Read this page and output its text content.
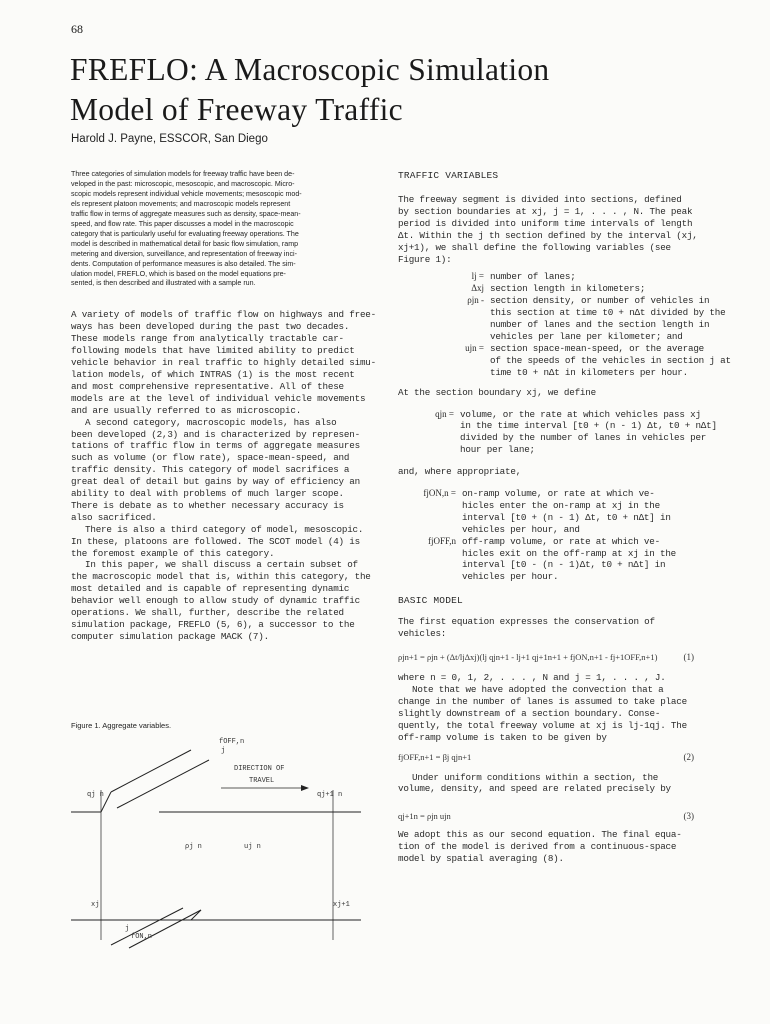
68
FREFLO: A Macroscopic Simulation
Model of Freeway Traffic
Harold J. Payne, ESSCOR, San Diego

Three categories of simulation models for freeway traffic have been de-
veloped in the past: microscopic, mesoscopic, and macroscopic. Micro-
scopic models represent individual vehicle movements; mesoscopic mod-
els represent platoon movements; and macroscopic models represent
traffic flow in terms of aggregate measures such as density, space-mean-
speed, and flow rate. This paper discusses a model in the macroscopic
category that is particularly useful for evaluating freeway operations. The
model is described in mathematical detail for basic flow simulation, ramp
metering and diversion, surveillance, and representation of freeway inci-
dents. Computation of performance measures is also detailed. The sim-
ulation model, FREFLO, which is based on the model equations pre-
sented, is then described and illustrated with a sample run.

A variety of models of traffic flow on highways and free-
ways has been developed during the past two decades.
These models range from analytically tractable car-
following models that have limited ability to predict
vehicle behavior in real traffic to highly detailed simu-
lation models, of which INTRAS (1) is the most recent
and most comprehensive representative. All of these
models are at the level of individual vehicle movements
and are usually referred to as microscopic.
A second category, macroscopic models, has also
been developed (2,3) and is characterized by represen-
tations of traffic flow in terms of aggregate measures
such as volume (or flow rate), space-mean-speed, and
traffic density. This category of model sacrifices a
great deal of detail but gains by way of efficiency an
ability to deal with problems of much larger scope.
There is debate as to whether necessary accuracy is
also sacrificed.
There is also a third category of model, mesoscopic.
In these, platoons are followed. The SCOT model (4) is
the foremost example of this category.
In this paper, we shall discuss a certain subset of
the macroscopic model that is, within this category, the
most detailed and is capable of representing dynamic
behavior well enough to allow study of dynamic traffic
operations. We shall, further, describe the related
simulation package, FREFLO (5, 6), a successor to the
computer simulation package MACK (7).
Figure 1. Aggregate variables.
fOFF,n
j
DIRECTION OF
TRAVEL
qj n	qj+1 n
ρj n	uj n
xj	xj+1
fON,n
j

TRAFFIC VARIABLES

The freeway segment is divided into sections, defined
by section boundaries at xj, j = 1, . . . , N. The peak
period is divided into uniform time intervals of length
Δt. Within the j th section defined by the interval (xj,
xj+1), we shall define the following variables (see
Figure 1):
lj = number of lanes;
Δxj section length in kilometers;
ρjn - section density, or number of vehicles in
this section at time t0 + nΔt divided by the
number of lanes and the section length in
vehicles per lane per kilometer; and
ujn = section space-mean-speed, or the average
of the speeds of the vehicles in section j at
time t0 + nΔt in kilometers per hour.
At the section boundary xj, we define
qjn = volume, or the rate at which vehicles pass xj
in the time interval [t0 + (n - 1) Δt, t0 + nΔt]
divided by the number of lanes in vehicles per
hour per lane;
and, where appropriate,
fjON,n = on-ramp volume, or rate at which ve-
hicles enter the on-ramp at xj in the
interval [t0 + (n - 1) Δt, t0 + nΔt] in
vehicles per hour, and
fjOFF,n off-ramp volume, or rate at which ve-
hicles exit on the off-ramp at xj in the
interval [t0 - (n - 1)Δt, t0 + nΔt] in
vehicles per hour.

BASIC MODEL

The first equation expresses the conservation of
vehicles:
ρjn+1 = ρjn + (Δt/ljΔxj)(lj qjn+1 - lj+1 qj+1n+1 + fjON,n+1 - fj+1OFF,n+1)	(1)
where n = 0, 1, 2, . . . , N and j = 1, . . . , J.
Note that we have adopted the convection that a
change in the number of lanes is assumed to take place
slightly downstream of a section boundary. Conse-
quently, the total freeway volume at xj is lj-1qj. The
off-ramp volume is taken to be given by
fjOFF,n+1 = βj qjn+1	(2)
Under uniform conditions within a section, the
volume, density, and speed are related precisely by
qj+1n = ρjn ujn	(3)
We adopt this as our second equation. The final equa-
tion of the model is derived from a continuous-space
model by spatial averaging (8).
